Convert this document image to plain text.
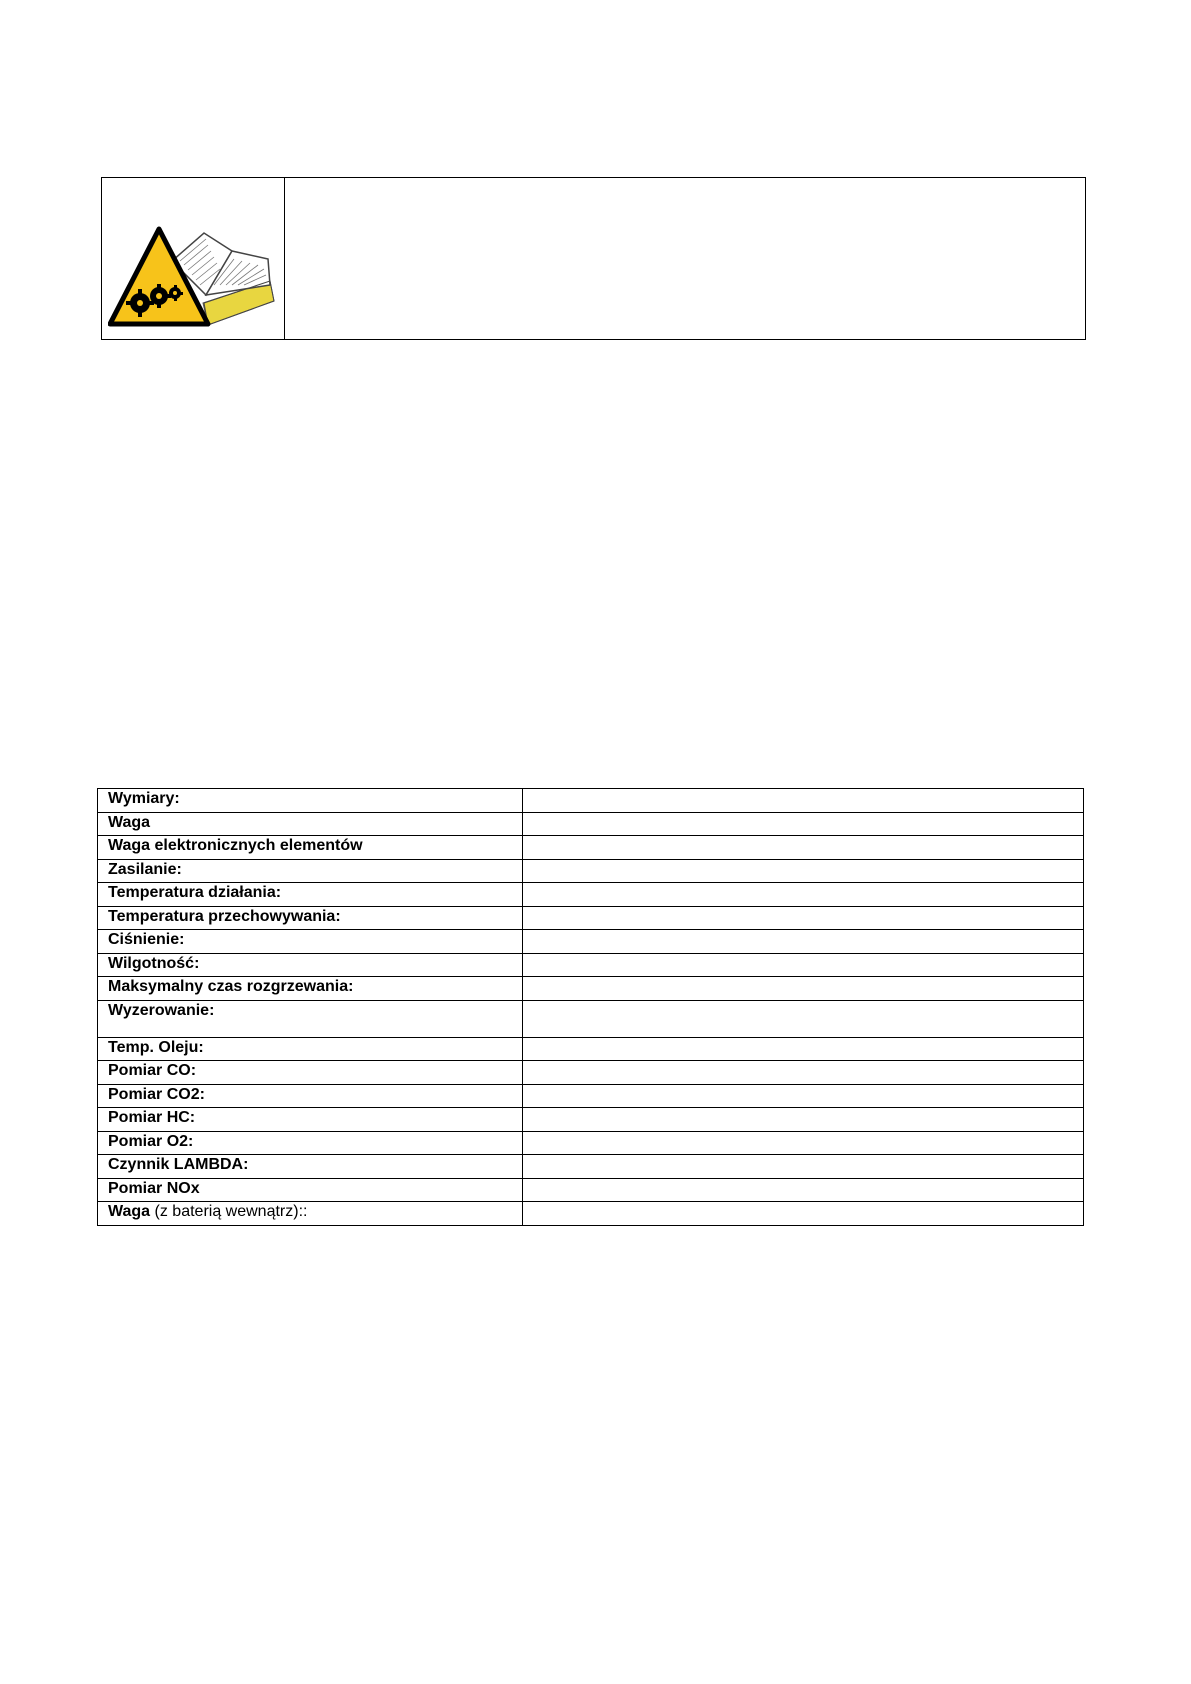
Wymiary:	
Waga	
Waga elektronicznych elementów	
Zasilanie:	
Temperatura działania:	
Temperatura przechowywania:	
Ciśnienie:	
Wilgotność:	
Maksymalny czas rozgrzewania:	
Wyzerowanie:	
Temp. Oleju:	
Pomiar CO:	
Pomiar CO2:	
Pomiar HC:	
Pomiar O2:	
Czynnik LAMBDA:	
Pomiar NOx	
Waga (z baterią wewnątrz)::	
